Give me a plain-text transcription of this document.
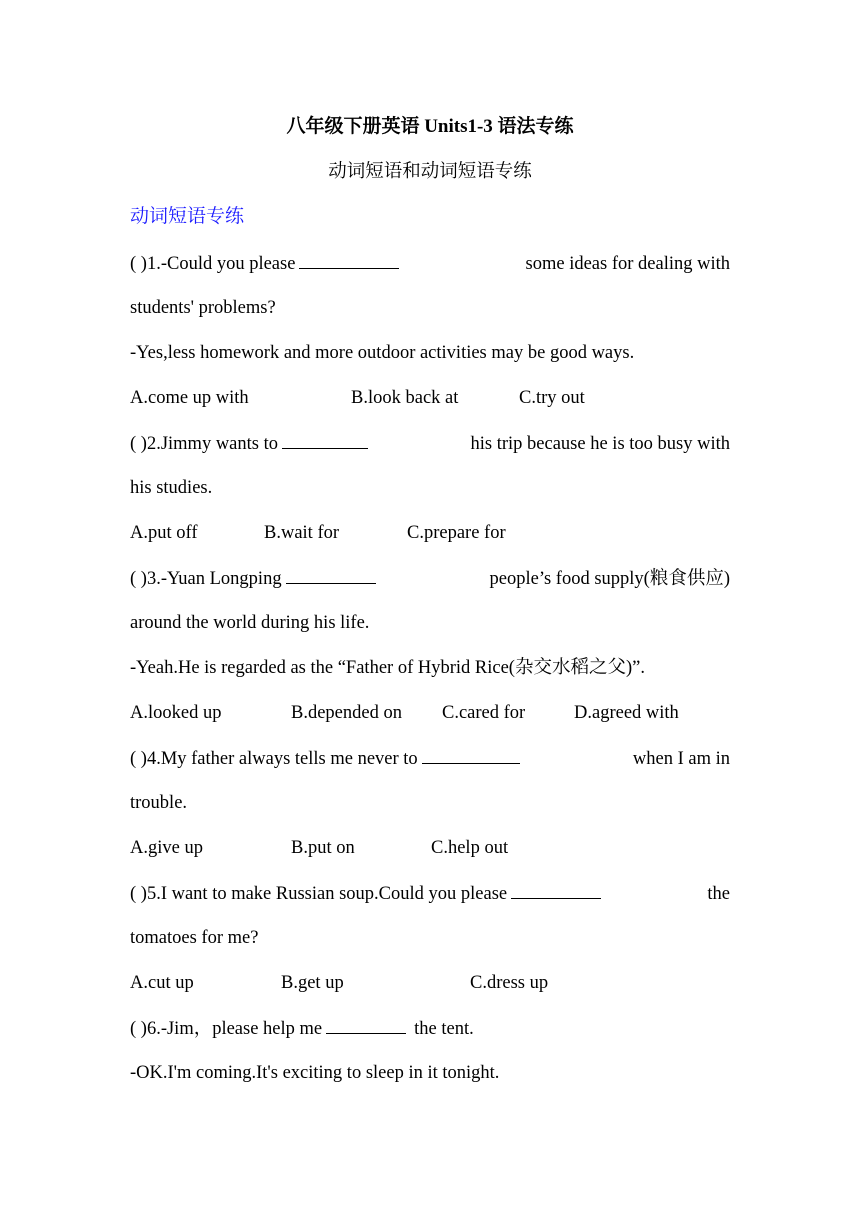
八年级下册英语 Units1-3 语法专练
动词短语和动词短语专练
动词短语专练
( )1.-Could you please	some ideas for dealing with
students' problems?
-Yes,less homework and more outdoor activities may be good ways.
A.come up with	B.look back at	C.try out
( )2.Jimmy wants to	his trip because he is too busy with
his studies.
A.put off	B.wait for	C.prepare for
( )3.-Yuan Longping	people’s food supply(粮食供应)
around the world during his life.
-Yeah.He is regarded as the “Father of Hybrid Rice(杂交水稻之父)”.
A.looked up	B.depended on C.cared for	D.agreed with
( )4.My father always tells me never to	when I am in
trouble.
A.give up	B.put on	C.help out
( )5.I want to make Russian soup.Could you please	the
tomatoes for me?
A.cut up	B.get up	C.dress up
( )6.-Jim，please help me	the tent.
-OK.I'm coming.It's exciting to sleep in it tonight.
